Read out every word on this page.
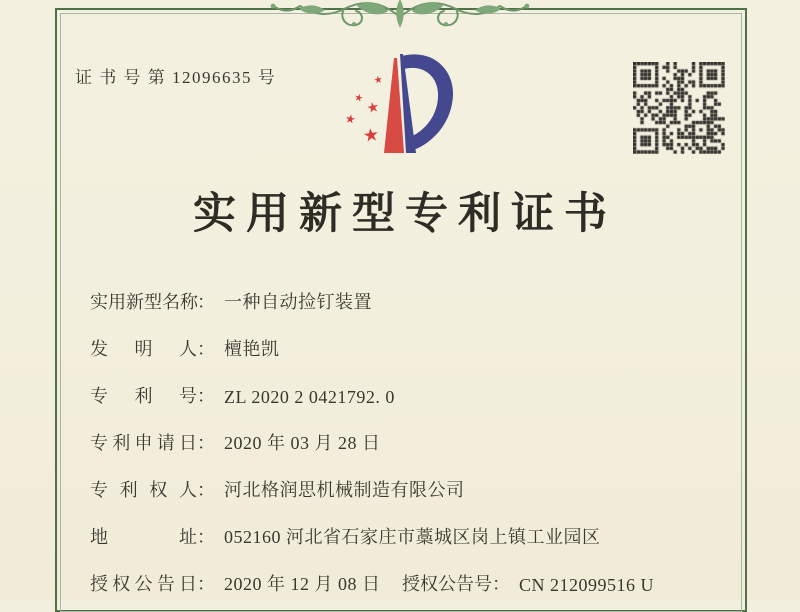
证 书 号 第 12096635 号	★
★
★
★
★
实用新型专利证书
实用新型名称： 一种自动捡钉装置
发明人： 檀艳凯
专利号： ZL 2020 2 0421792. 0
专利申请日： 2020 年 03 月 28 日
专利权人： 河北格润思机械制造有限公司
地址： 052160 河北省石家庄市藁城区岗上镇工业园区
授权公告日： 2020 年 12 月 08 日 授权公告号： CN 212099516 U
